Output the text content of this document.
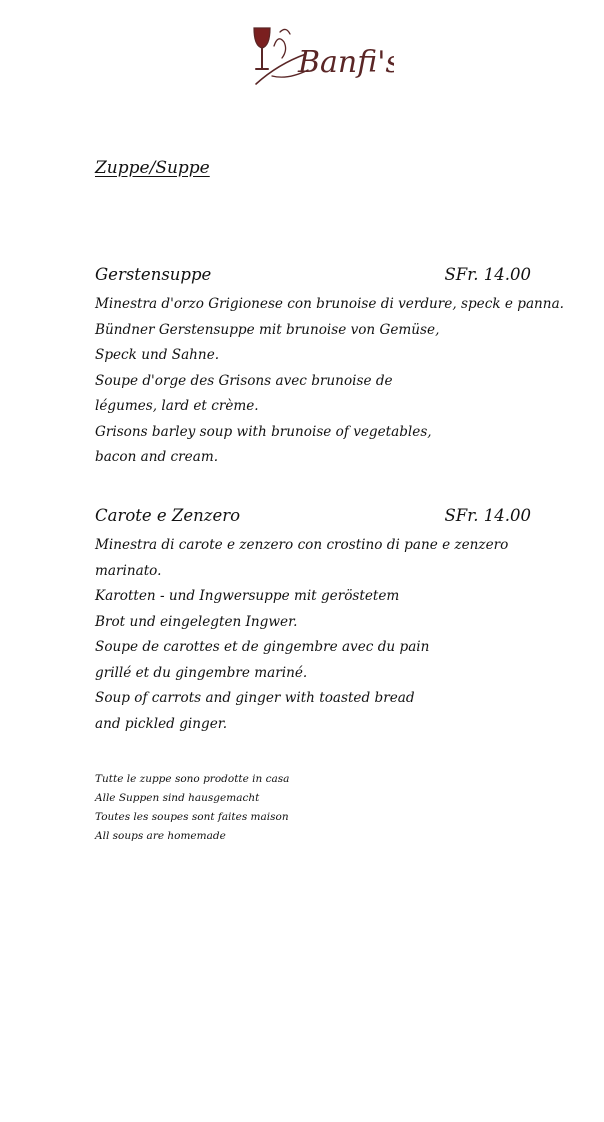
Banfi's
Zuppe/Suppe
Gerstensuppe	SFr. 14.00
Minestra d'orzo Grigionese con brunoise di verdure, speck e panna.
Bündner Gerstensuppe mit brunoise von Gemüse,
Speck und Sahne.
Soupe d'orge des Grisons avec brunoise de
légumes, lard et crème.
Grisons barley soup with brunoise of vegetables,
bacon and cream.
Carote e Zenzero	SFr. 14.00
Minestra di carote e zenzero con crostino di pane e zenzero
marinato.
Karotten - und Ingwersuppe mit geröstetem
Brot und eingelegten Ingwer.
Soupe de carottes et de gingembre avec du pain
grillé et du gingembre mariné.
Soup of carrots and ginger with toasted bread
and pickled ginger.
Tutte le zuppe sono prodotte in casa
Alle Suppen sind hausgemacht
Toutes les soupes sont faites maison
All soups are homemade
